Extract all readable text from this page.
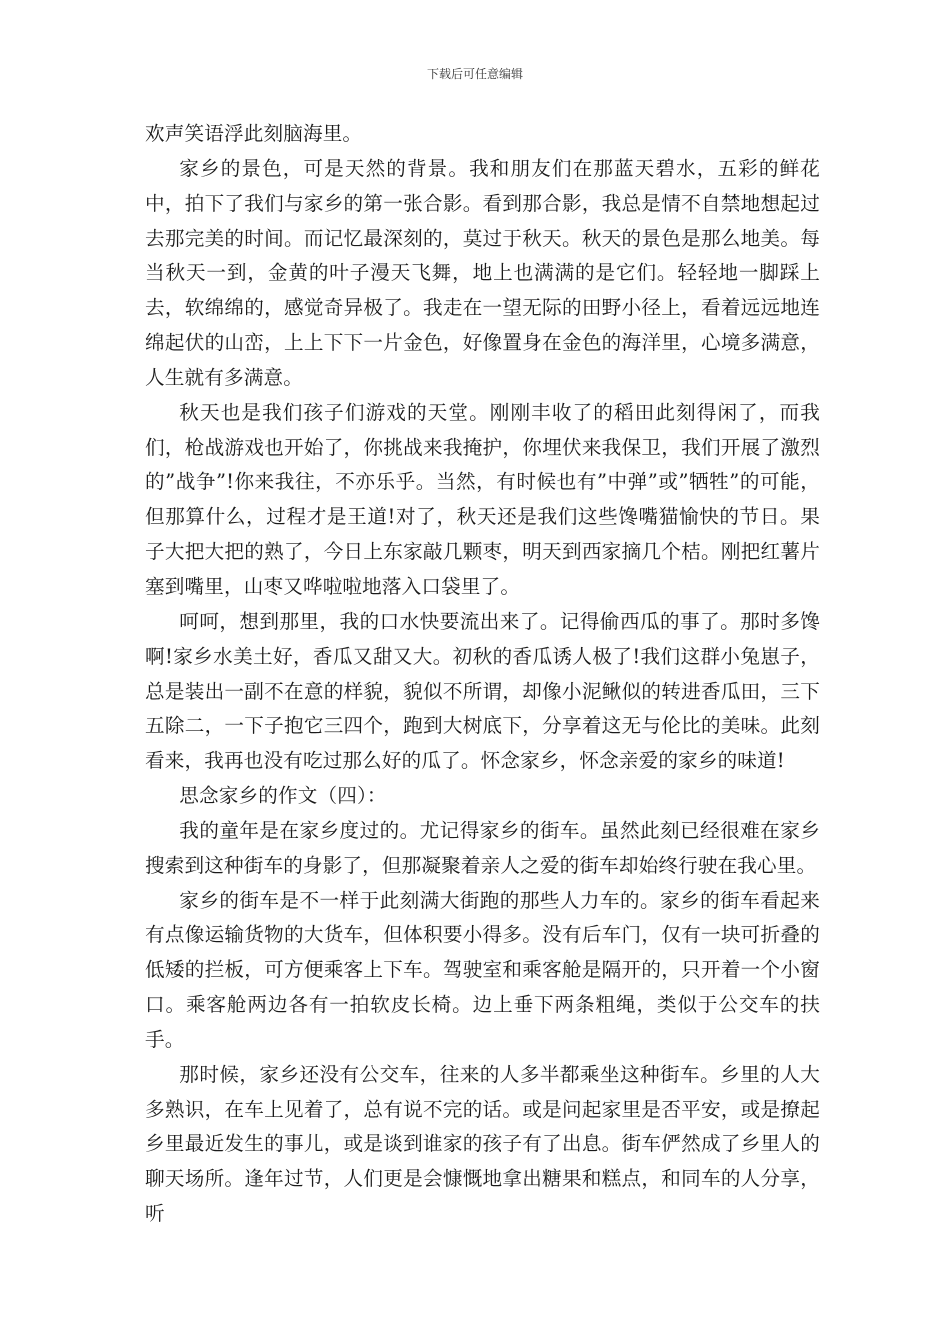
下载后可任意编辑

欢声笑语浮此刻脑海里。

家乡的景色，可是天然的背景。我和朋友们在那蓝天碧水，五彩的鲜花中，拍下了我们与家乡的第一张合影。看到那合影，我总是情不自禁地想起过去那完美的时间。而记忆最深刻的，莫过于秋天。秋天的景色是那么地美。每当秋天一到，金黄的叶子漫天飞舞，地上也满满的是它们。轻轻地一脚踩上去，软绵绵的，感觉奇异极了。我走在一望无际的田野小径上，看着远远地连绵起伏的山峦，上上下下一片金色，好像置身在金色的海洋里，心境多满意，人生就有多满意。

秋天也是我们孩子们游戏的天堂。刚刚丰收了的稻田此刻得闲了，而我们，枪战游戏也开始了，你挑战来我掩护，你埋伏来我保卫，我们开展了激烈的”战争”!你来我往，不亦乐乎。当然，有时候也有”中弹”或”牺牲”的可能，但那算什么，过程才是王道!对了，秋天还是我们这些馋嘴猫愉快的节日。果子大把大把的熟了，今日上东家敲几颗枣，明天到西家摘几个桔。刚把红薯片塞到嘴里，山枣又哗啦啦地落入口袋里了。

呵呵，想到那里，我的口水快要流出来了。记得偷西瓜的事了。那时多馋啊!家乡水美土好，香瓜又甜又大。初秋的香瓜诱人极了!我们这群小兔崽子，总是装出一副不在意的样貌，貌似不所谓，却像小泥鳅似的转进香瓜田，三下五除二，一下子抱它三四个，跑到大树底下，分享着这无与伦比的美味。此刻看来，我再也没有吃过那么好的瓜了。怀念家乡，怀念亲爱的家乡的味道!

思念家乡的作文（四）：

我的童年是在家乡度过的。尤记得家乡的街车。虽然此刻已经很难在家乡搜索到这种街车的身影了，但那凝聚着亲人之爱的街车却始终行驶在我心里。

家乡的街车是不一样于此刻满大街跑的那些人力车的。家乡的街车看起来有点像运输货物的大货车，但体积要小得多。没有后车门，仅有一块可折叠的低矮的拦板，可方便乘客上下车。驾驶室和乘客舱是隔开的，只开着一个小窗口。乘客舱两边各有一拍软皮长椅。边上垂下两条粗绳，类似于公交车的扶手。

那时候，家乡还没有公交车，往来的人多半都乘坐这种街车。乡里的人大多熟识，在车上见着了，总有说不完的话。或是问起家里是否平安，或是撩起乡里最近发生的事儿，或是谈到谁家的孩子有了出息。街车俨然成了乡里人的聊天场所。逢年过节，人们更是会慷慨地拿出糖果和糕点，和同车的人分享，听
